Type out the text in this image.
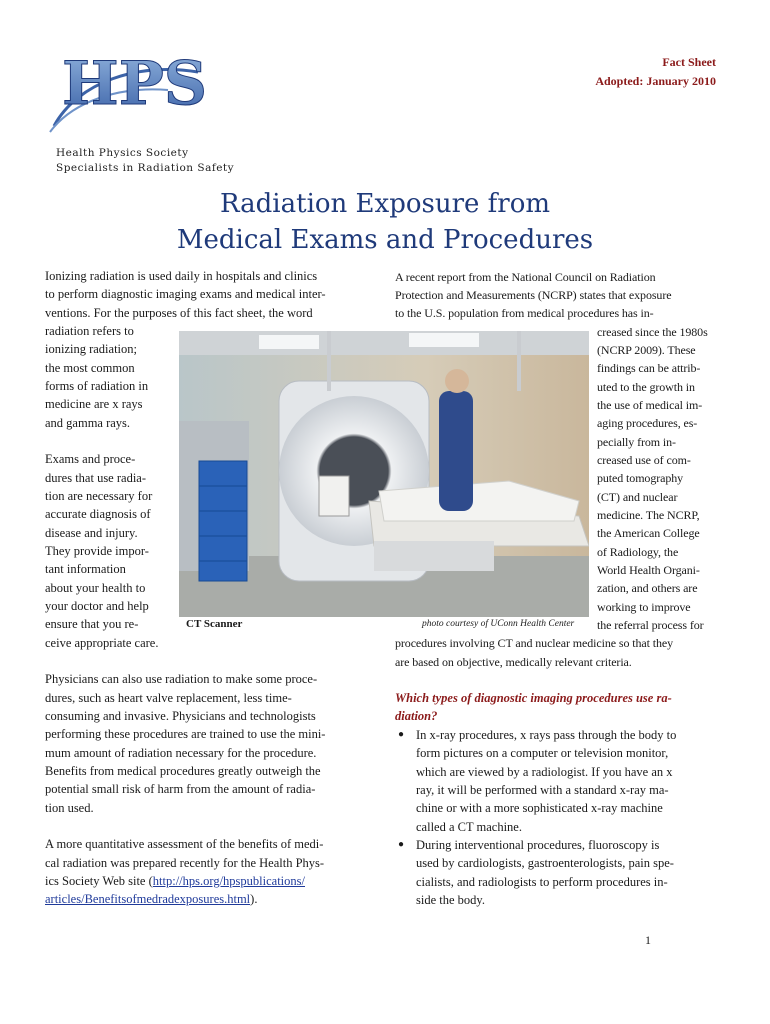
HPS
Health Physics Society
Specialists in Radiation Safety
Fact Sheet
Adopted: January 2010
Radiation Exposure from
Medical Exams and Procedures
Ionizing radiation is used daily in hospitals and clinics
to perform diagnostic imaging exams and medical inter-
ventions. For the purposes of this fact sheet, the word
radiation refers to
ionizing radiation;
the most common
forms of radiation in
medicine are x rays
and gamma rays.
Exams and proce-
dures that use radia-
tion are necessary for
accurate diagnosis of
disease and injury.
They provide impor-
tant information
about your health to
your doctor and help
ensure that you re-
ceive appropriate care.
Physicians can also use radiation to make some proce-
dures, such as heart valve replacement, less time-
consuming and invasive. Physicians and technologists
performing these procedures are trained to use the mini-
mum amount of radiation necessary for the procedure.
Benefits from medical procedures greatly outweigh the
potential small risk of harm from the amount of radia-
tion used.
A more quantitative assessment of the benefits of medi-
cal radiation was prepared recently for the Health Phys-
ics Society Web site (http://hps.org/hpspublications/
articles/Benefitsofmedradexposures.html).
CT Scanner	photo courtesy of UConn Health Center
A recent report from the National Council on Radiation
Protection and Measurements (NCRP) states that exposure
to the U.S. population from medical procedures has in-
creased since the 1980s
(NCRP 2009). These
findings can be attrib-
uted to the growth in
the use of medical im-
aging procedures, es-
pecially from in-
creased use of com-
puted tomography
(CT) and nuclear
medicine. The NCRP,
the American College
of Radiology, the
World Health Organi-
zation, and others are
working to improve
the referral process for
procedures involving CT and nuclear medicine so that they
are based on objective, medically relevant criteria.
Which types of diagnostic imaging procedures use ra-
diation?
● In x-ray procedures, x rays pass through the body to
form pictures on a computer or television monitor,
which are viewed by a radiologist. If you have an x
ray, it will be performed with a standard x-ray ma-
chine or with a more sophisticated x-ray machine
called a CT machine.
● During interventional procedures, fluoroscopy is
used by cardiologists, gastroenterologists, pain spe-
cialists, and radiologists to perform procedures in-
side the body.
1
